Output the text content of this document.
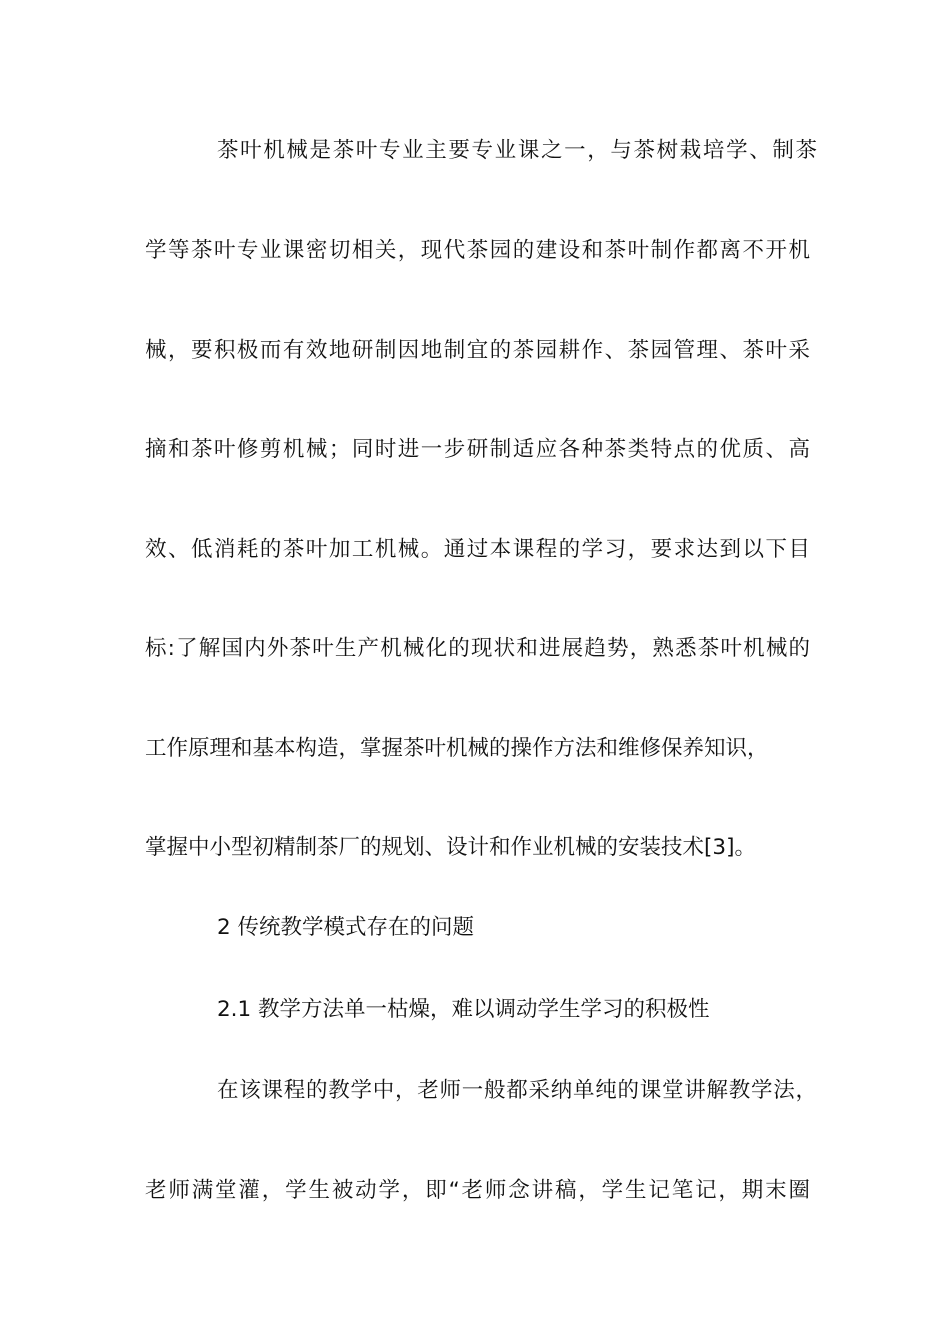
茶叶机械是茶叶专业主要专业课之一，与茶树栽培学、制茶
学等茶叶专业课密切相关，现代茶园的建设和茶叶制作都离不开机
械，要积极而有效地研制因地制宜的茶园耕作、茶园管理、茶叶采
摘和茶叶修剪机械；同时进一步研制适应各种茶类特点的优质、高
效、低消耗的茶叶加工机械。通过本课程的学习，要求达到以下目
标:了解国内外茶叶生产机械化的现状和进展趋势，熟悉茶叶机械的
工作原理和基本构造，掌握茶叶机械的操作方法和维修保养知识，
掌握中小型初精制茶厂的规划、设计和作业机械的安装技术[3]。
2 传统教学模式存在的问题
2.1 教学方法单一枯燥，难以调动学生学习的积极性
在该课程的教学中，老师一般都采纳单纯的课堂讲解教学法，
老师满堂灌，学生被动学，即“老师念讲稿，学生记笔记，期末圈
